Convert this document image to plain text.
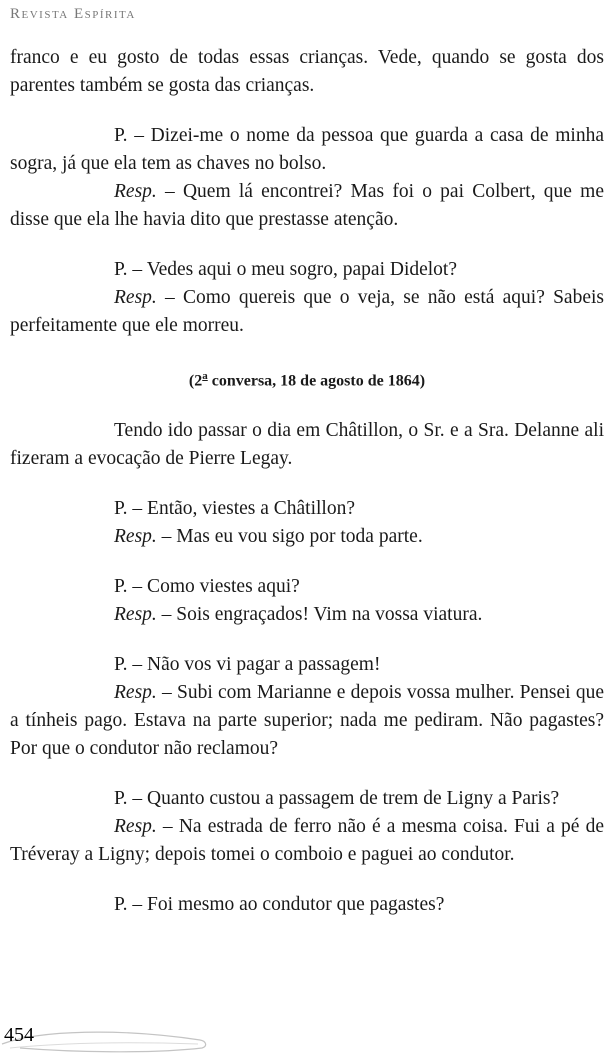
Revista Espírita

franco e eu gosto de todas essas crianças. Vede, quando se gosta dos parentes também se gosta das crianças.

P. – Dizei-me o nome da pessoa que guarda a casa de minha sogra, já que ela tem as chaves no bolso.

Resp. – Quem lá encontrei? Mas foi o pai Colbert, que me disse que ela lhe havia dito que prestasse atenção.

P. – Vedes aqui o meu sogro, papai Didelot?

Resp. – Como quereis que o veja, se não está aqui? Sabeis perfeitamente que ele morreu.

(2$^a$ conversa, 18 de agosto de 1864)

Tendo ido passar o dia em Châtillon, o Sr. e a Sra. Delanne ali fizeram a evocação de Pierre Legay.

P. – Então, viestes a Châtillon?

Resp. – Mas eu vou sigo por toda parte.

P. – Como viestes aqui?

Resp. – Sois engraçados! Vim na vossa viatura.

P. – Não vos vi pagar a passagem!

Resp. – Subi com Marianne e depois vossa mulher. Pensei que a tínheis pago. Estava na parte superior; nada me pediram. Não pagastes? Por que o condutor não reclamou?

P. – Quanto custou a passagem de trem de Ligny a Paris?

Resp. – Na estrada de ferro não é a mesma coisa. Fui a pé de Tréveray a Ligny; depois tomei o comboio e paguei ao condutor.

P. – Foi mesmo ao condutor que pagastes?

454
